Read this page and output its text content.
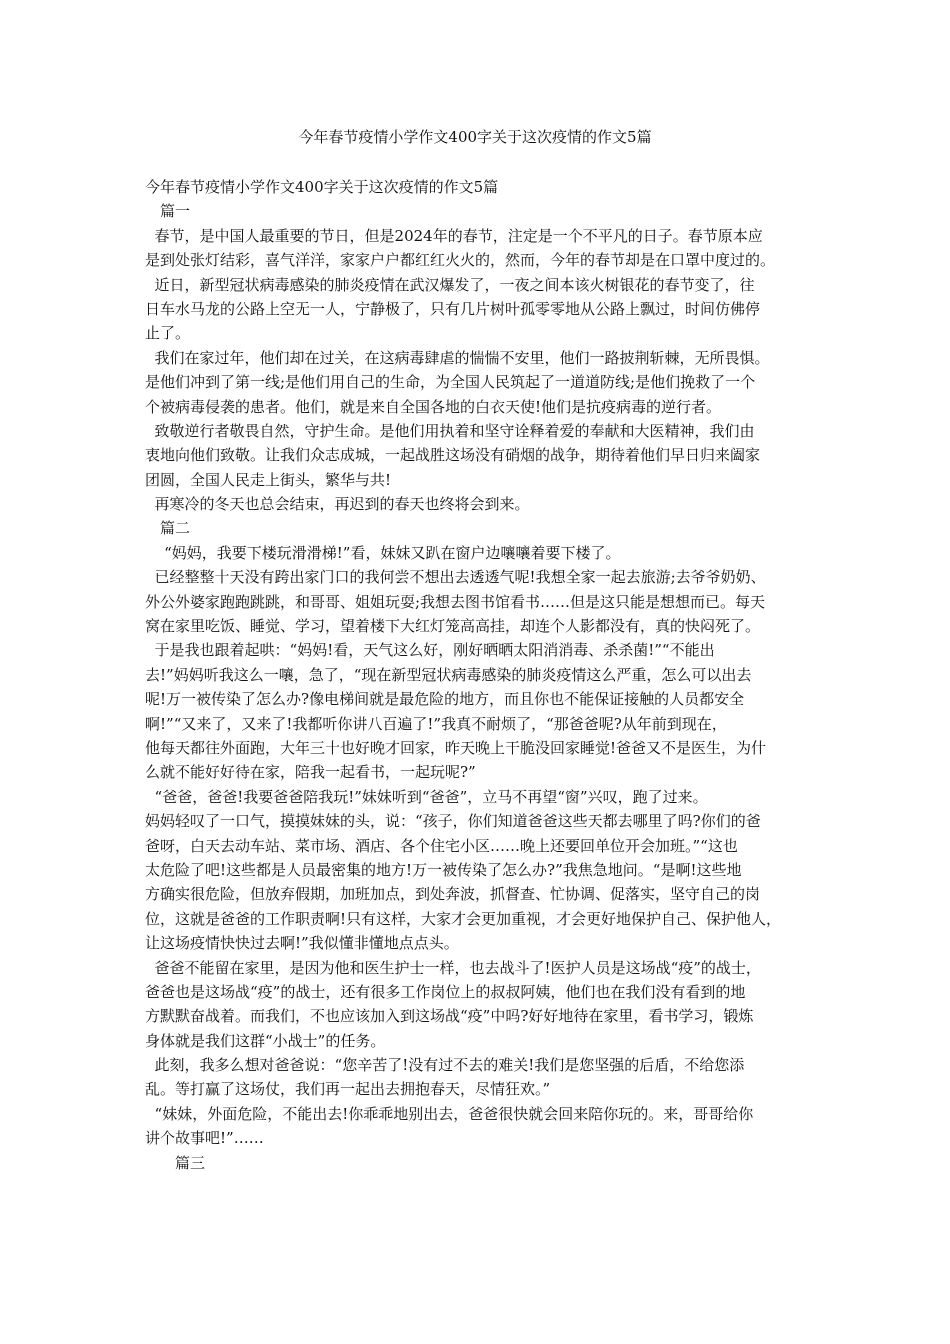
今年春节疫情小学作文400字关于这次疫情的作文5篇
今年春节疫情小学作文400字关于这次疫情的作文5篇
篇一
春节，是中国人最重要的节日，但是2024年的春节，注定是一个不平凡的日子。春节原本应
是到处张灯结彩，喜气洋洋，家家户户都红红火火的，然而，今年的春节却是在口罩中度过的。
近日，新型冠状病毒感染的肺炎疫情在武汉爆发了，一夜之间本该火树银花的春节变了，往
日车水马龙的公路上空无一人，宁静极了，只有几片树叶孤零零地从公路上飘过，时间仿佛停
止了。
我们在家过年，他们却在过关，在这病毒肆虐的惴惴不安里，他们一路披荆斩棘，无所畏惧。
是他们冲到了第一线;是他们用自己的生命，为全国人民筑起了一道道防线;是他们挽救了一个
个被病毒侵袭的患者。他们，就是来自全国各地的白衣天使!他们是抗疫病毒的逆行者。
致敬逆行者敬畏自然，守护生命。是他们用执着和坚守诠释着爱的奉献和大医精神，我们由
衷地向他们致敬。让我们众志成城，一起战胜这场没有硝烟的战争，期待着他们早日归来阖家
团圆，全国人民走上街头，繁华与共!
再寒冷的冬天也总会结束，再迟到的春天也终将会到来。
篇二
“妈妈，我要下楼玩滑滑梯!”看，妹妹又趴在窗户边嚷嚷着要下楼了。
已经整整十天没有跨出家门口的我何尝不想出去透透气呢!我想全家一起去旅游;去爷爷奶奶、
外公外婆家跑跑跳跳，和哥哥、姐姐玩耍;我想去图书馆看书……但是这只能是想想而已。每天
窝在家里吃饭、睡觉、学习，望着楼下大红灯笼高高挂，却连个人影都没有，真的快闷死了。
于是我也跟着起哄：“妈妈!看，天气这么好，刚好晒晒太阳消消毒、杀杀菌!”“不能出
去!”妈妈听我这么一嚷，急了，“现在新型冠状病毒感染的肺炎疫情这么严重，怎么可以出去
呢!万一被传染了怎么办?像电梯间就是最危险的地方，而且你也不能保证接触的人员都安全
啊!”“又来了，又来了!我都听你讲八百遍了!”我真不耐烦了，“那爸爸呢?从年前到现在，
他每天都往外面跑，大年三十也好晚才回家，昨天晚上干脆没回家睡觉!爸爸又不是医生，为什
么就不能好好待在家，陪我一起看书，一起玩呢?”
“爸爸，爸爸!我要爸爸陪我玩!”妹妹听到“爸爸”，立马不再望“窗”兴叹，跑了过来。
妈妈轻叹了一口气，摸摸妹妹的头，说：“孩子，你们知道爸爸这些天都去哪里了吗?你们的爸
爸呀，白天去动车站、菜市场、酒店、各个住宅小区……晚上还要回单位开会加班。”“这也
太危险了吧!这些都是人员最密集的地方!万一被传染了怎么办?”我焦急地问。“是啊!这些地
方确实很危险，但放弃假期，加班加点，到处奔波，抓督查、忙协调、促落实，坚守自己的岗
位，这就是爸爸的工作职责啊!只有这样，大家才会更加重视，才会更好地保护自己、保护他人，
让这场疫情快快过去啊!”我似懂非懂地点点头。
爸爸不能留在家里，是因为他和医生护士一样，也去战斗了!医护人员是这场战“疫”的战士，
爸爸也是这场战“疫”的战士，还有很多工作岗位上的叔叔阿姨，他们也在我们没有看到的地
方默默奋战着。而我们，不也应该加入到这场战“疫”中吗?好好地待在家里，看书学习，锻炼
身体就是我们这群“小战士”的任务。
此刻，我多么想对爸爸说：“您辛苦了!没有过不去的难关!我们是您坚强的后盾，不给您添
乱。等打赢了这场仗，我们再一起出去拥抱春天，尽情狂欢。”
“妹妹，外面危险，不能出去!你乖乖地别出去，爸爸很快就会回来陪你玩的。来，哥哥给你
讲个故事吧!”……
篇三
